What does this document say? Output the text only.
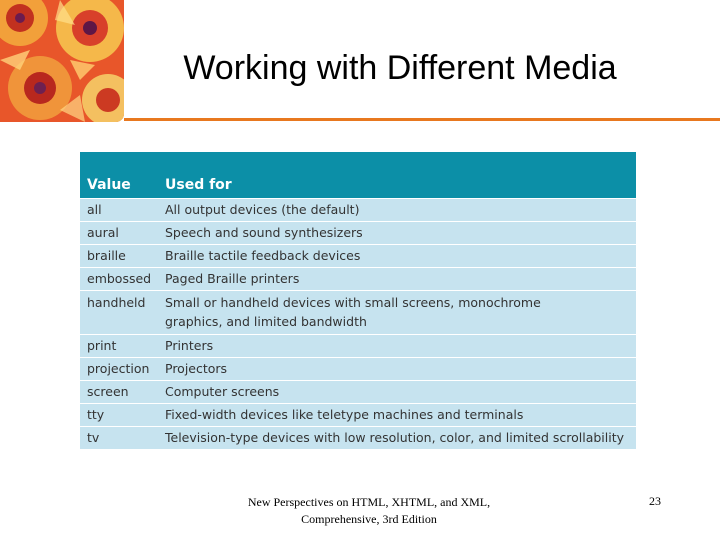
Working with Different Media
Value	Used for
all	All output devices (the default)
aural	Speech and sound synthesizers
braille	Braille tactile feedback devices
embossed	Paged Braille printers
handheld	Small or handheld devices with small screens, monochrome graphics, and limited bandwidth
print	Printers
projection	Projectors
screen	Computer screens
tty	Fixed-width devices like teletype machines and terminals
tv	Television-type devices with low resolution, color, and limited scrollability
New Perspectives on HTML, XHTML, and XML,
Comprehensive, 3rd Edition
23
